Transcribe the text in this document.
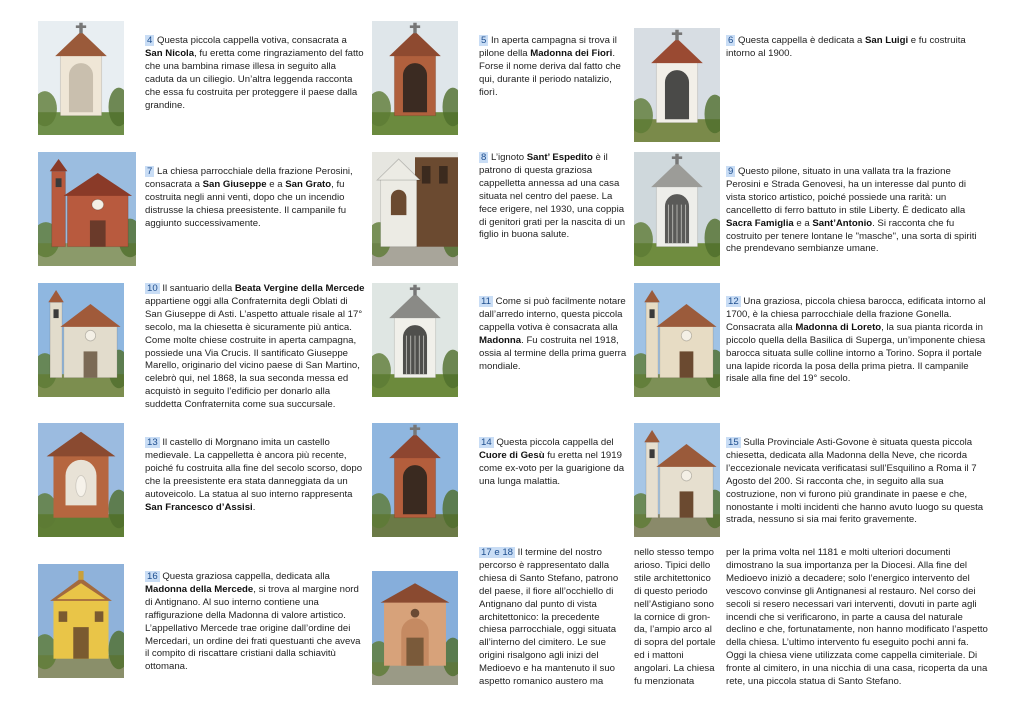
4 Questa piccola cappella votiva, consacrata a San Nicola, fu eretta come ringraziamento del fatto che una bambina rimase illesa in seguito alla caduta da un ciliegio. Un’altra leggenda racconta che essa fu costruita per proteggere il paese dalla grandine.
5 In aperta campagna si trova il pilone della Madonna dei Fiori. Forse il nome deriva dal fatto che qui, durante il periodo natalizio, fiorì.
6 Questa cappella è dedicata a San Luigi e fu costruita intorno al 1900.
7 La chiesa parrocchiale della frazione Perosini, consacrata a San Giuseppe e a San Grato, fu costruita negli anni venti, dopo che un incendio distrusse la chiesa preesistente. Il campanile fu aggiunto successivamente.
8 L’ignoto Sant’ Espedito è il patrono di questa graziosa cappelletta annessa ad una casa situata nel centro del paese. La fece erigere, nel 1930, una coppia di genitori grati per la nascita di un figlio in buona salute.
9 Questo pilone, situato in una vallata tra la frazione Perosini e Strada Genovesi, ha un interesse dal punto di vista storico artistico, poiché possiede una rarità: un cancelletto di ferro battuto in stile Liberty. È dedicato alla Sacra Famiglia e a Sant’Antonio. Si racconta che fu costruito per tenere lontane le "masche", una sorta di spiriti che prendevano sembianze umane.
10 Il santuario della Beata Vergine della Mercede appartiene oggi alla Confraternita degli Oblati di San Giuseppe di Asti. L’aspetto attuale risale al 17° secolo, ma la chiesetta è sicuramente più antica. Come molte chiese costruite in aperta campagna, possiede una Via Crucis. Il santificato Giuseppe Marello, originario del vicino paese di San Martino, celebrò qui, nel 1868, la sua seconda messa ed acquistò in seguito l’edificio per donarlo alla suddetta Confraternita come sua succursale.
11 Come si può facilmente notare dall’arredo interno, questa piccola cappella votiva è consacrata alla Madonna. Fu costruita nel 1918, ossia al termine della prima guerra mondiale.
12 Una graziosa, piccola chiesa barocca, edificata intorno al 1700, è la chiesa parrocchiale della frazione Gonella. Consacrata alla Madonna di Loreto, la sua pianta ricorda in piccolo quella della Basilica di Superga, un’imponente chiesa barocca situata sulle colline intorno a Torino. Sopra il portale una lapide ricorda la posa della prima pietra. Il campanile risale alla fine del 19° secolo.
13 Il castello di Morgnano imita un castello medievale. La cappelletta è ancora più recente, poiché fu costruita alla fine del secolo scorso, dopo che la preesistente era stata danneggiata da un autoveicolo. La statua al suo interno rappresenta San Francesco d’Assisi.
14 Questa piccola cappella del Cuore di Gesù fu eretta nel 1919 come ex-voto per la guarigione da una lunga malattia.
15 Sulla Provinciale Asti-Govone è situata questa piccola chiesetta, dedicata alla Madonna della Neve, che ricorda l’eccezionale nevicata verificatasi sull’Esquilino a Roma il 7 Agosto del 200. Si racconta che, in seguito alla sua costruzione, non vi furono più grandinate in paese e che, nonostante i molti incidenti che hanno avuto luogo su questa strada, nessuno si sia mai ferito gravemente.
16 Questa graziosa cappella, dedicata alla Madonna della Mercede, si trova al margine nord di Antignano. Al suo interno contiene una raffigurazione della Madonna di valore artistico. L’appellativo Mercede trae origine dall’ordine dei Mercedari, un ordine dei frati questuanti che aveva il compito di riscattare cristiani dalla schiavitù ottomana.
17 e 18 Il termine del nostro percorso è rappresentato dalla chiesa di Santo Stefano, patrono del paese, il fiore all’occhiello di Antignano dal punto di vista architettonico: la precedente chiesa parrocchiale, oggi situata all’interno del cimitero. Le sue origini risalgono agli inizi del Medioevo e ha mantenuto il suo aspetto romanico austero ma
nello stesso tempo arioso. Tipici dello stile architettonico di questo periodo nell’Astigiano sono la cornice di gron-da, l’ampio arco al di sopra del portale ed i mattoni angolari. La chiesa fu menzionata
per la prima volta nel 1181 e molti ulteriori documenti dimostrano la sua importanza per la Diocesi. Alla fine del Medioevo iniziò a decadere; solo l’energico intervento del vescovo convinse gli Antignanesi al restauro. Nel corso dei secoli si resero necessari vari interventi, dovuti in parte agli incendi che si verificarono, in parte a causa del naturale declino e che, fortunatamente, non hanno modificato l’aspetto della chiesa. L’ultimo intervento fu eseguito pochi anni fa. Oggi la chiesa viene utilizzata come cappella cimiteriale. Di fronte al cimitero, in una nicchia di una casa, ricoperta da una rete, una piccola statua di Santo Stefano.
